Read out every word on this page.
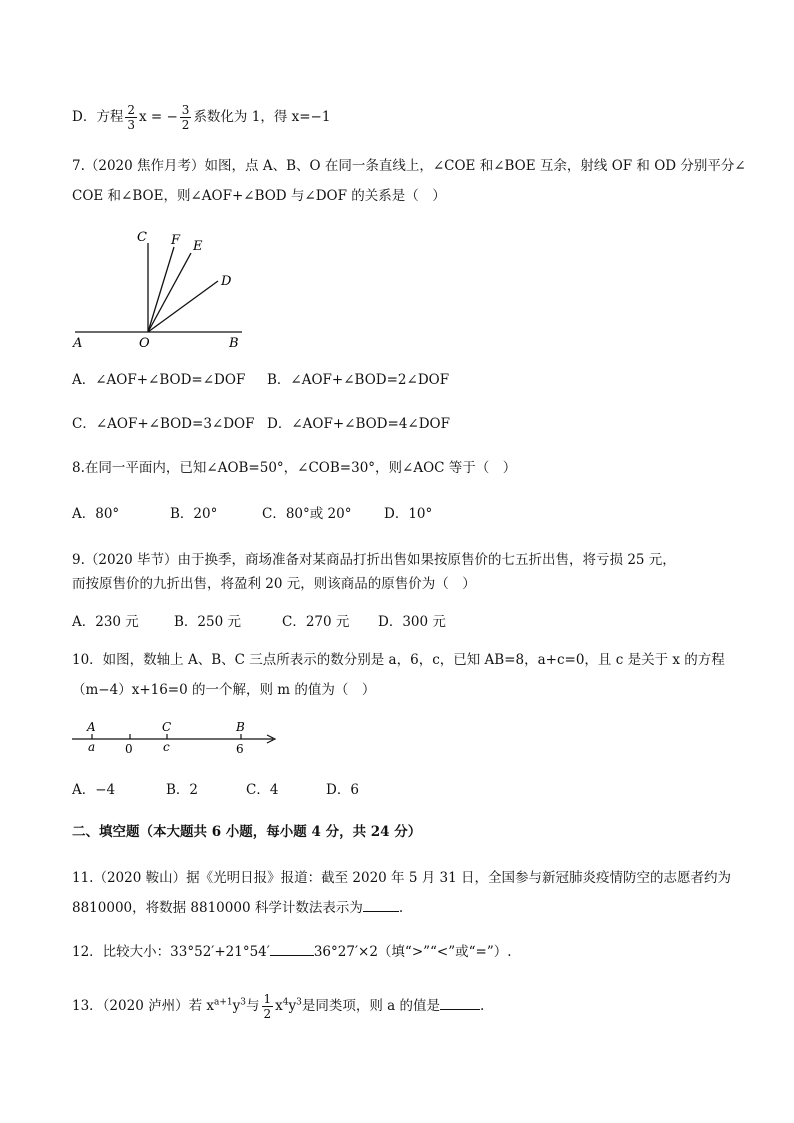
D．方程 $\frac{2}{3}$ x = − $\frac{3}{2}$ 系数化为 1，得 x=−1
7.（2020 焦作月考）如图，点 A、B、O 在同一条直线上，∠COE 和∠BOE 互余，射线 OF 和 OD 分别平分∠
COE 和∠BOE，则∠AOF+∠BOD 与∠DOF 的关系是（　）
C F E
D
A	O	B
A．∠AOF+∠BOD=∠DOF B．∠AOF+∠BOD=2∠DOF
C．∠AOF+∠BOD=3∠DOF D．∠AOF+∠BOD=4∠DOF
8.在同一平面内，已知∠AOB=50°，∠COB=30°，则∠AOC 等于（　）
A．80°	B．20°	C．80°或 20° D．10°
9.（2020 毕节）由于换季，商场准备对某商品打折出售如果按原售价的七五折出售，将亏损 25 元，
而按原售价的九折出售，将盈利 20 元，则该商品的原售价为（　）
A．230 元	B．250 元	C．270 元 D．300 元
10．如图，数轴上 A、B、C 三点所表示的数分别是 a，6，c，已知 AB=8，a+c=0，且 c 是关于 x 的方程
（m−4）x+16=0 的一个解，则 m 的值为（　）
A	C	B
a 0	c	6
A．−4	B．2	C．4	D．6
二、填空题（本大题共 6 小题，每小题 4 分，共 24 分）
11.（2020 鞍山）据《光明日报》报道：截至 2020 年 5 月 31 日，全国参与新冠肺炎疫情防空的志愿者约为
8810000，将数据 8810000 科学计数法表示为	.
12．比较大小：33°52′+21°54′	36°27′×2（填“>”“<”或“=”）.
13．（2020 泸州）若 $x^{a+1}y^3$与 $\frac{1}{2} x^4y^3$是同类项，则 a 的值是	.
